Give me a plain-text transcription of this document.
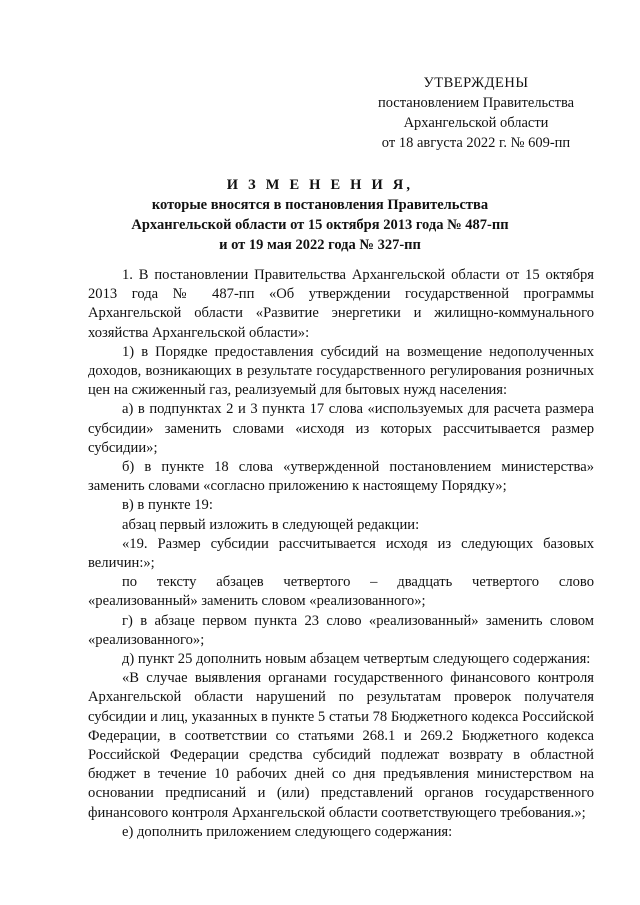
УТВЕРЖДЕНЫ
постановлением Правительства
Архангельской области
от 18 августа 2022 г. № 609-пп
И З М Е Н Е Н И Я,
которые вносятся в постановления Правительства
Архангельской области от 15 октября 2013 года № 487-пп
и от 19 мая 2022 года № 327-пп

1. В постановлении Правительства Архангельской области от 15 октября 2013 года № 487-пп «Об утверждении государственной программы Архангельской области «Развитие энергетики и жилищно-коммунального хозяйства Архангельской области»:

1) в Порядке предоставления субсидий на возмещение недополученных доходов, возникающих в результате государственного регулирования розничных цен на сжиженный газ, реализуемый для бытовых нужд населения:

а) в подпунктах 2 и 3 пункта 17 слова «используемых для расчета размера субсидии» заменить словами «исходя из которых рассчитывается размер субсидии»;

б) в пункте 18 слова «утвержденной постановлением министерства» заменить словами «согласно приложению к настоящему Порядку»;

в) в пункте 19:

абзац первый изложить в следующей редакции:

«19. Размер субсидии рассчитывается исходя из следующих базовых величин:»;

по тексту абзацев четвертого – двадцать четвертого слово «реализованный» заменить словом «реализованного»;

г) в абзаце первом пункта 23 слово «реализованный» заменить словом «реализованного»;

д) пункт 25 дополнить новым абзацем четвертым следующего содержания:

«В случае выявления органами государственного финансового контроля Архангельской области нарушений по результатам проверок получателя субсидии и лиц, указанных в пункте 5 статьи 78 Бюджетного кодекса Российской Федерации, в соответствии со статьями 268.1 и 269.2 Бюджетного кодекса Российской Федерации средства субсидий подлежат возврату в областной бюджет в течение 10 рабочих дней со дня предъявления министерством на основании предписаний и (или) представлений органов государственного финансового контроля Архангельской области соответствующего требования.»;

е) дополнить приложением следующего содержания:
